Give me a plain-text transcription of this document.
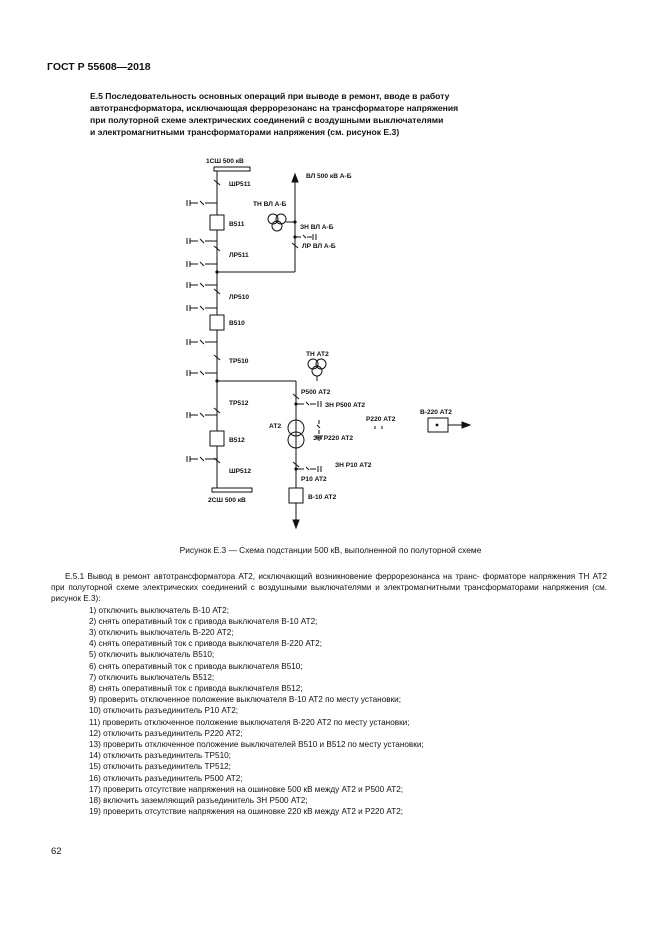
ГОСТ Р 55608—2018
Е.5 Последовательность основных операций при выводе в ремонт, вводе в работу
автотрансформатора, исключающая феррорезонанс на трансформаторе напряжения
при полуторной схеме электрических соединений с воздушными выключателями
и электромагнитными трансформаторами напряжения (см. рисунок Е.3)
1СШ 500 кВ
ШР511
ВЛ 500 кВ А-Б
ТН ВЛ А-Б
В511	ЗН ВЛ А-Б
ЛР ВЛ А-Б
ЛР511
ЛР510
В510
ТР510
ТН АТ2
Р500 АТ2
ЗН Р500 АТ2
ТР512
Р220 АТ2
В-220 АТ2
АТ2
ЗН Р220 АТ2
В512
ЗН Р10 АТ2
ШР512
Р10 АТ2
2СШ 500 кВ	В-10 АТ2
Рисунок Е.3 — Схема подстанции 500 кВ, выполненной по полуторной схеме
Е.5.1 Вывод в ремонт автотрансформатора АТ2, исключающий возникновение феррорезонанса на транс- форматоре напряжения ТН АТ2 при полуторной схеме электрических соединений с воздушными выключателями и электромагнитными трансформаторами напряжения (см. рисунок Е.3):
1) отключить выключатель В-10 АТ2;
2) снять оперативный ток с привода выключателя В-10 АТ2;
3) отключить выключатель В-220 АТ2;
4) снять оперативный ток с привода выключателя В-220 АТ2;
5) отключить выключатель В510;
6) снять оперативный ток с привода выключателя В510;
7) отключить выключатель В512;
8) снять оперативный ток с привода выключателя В512;
9) проверить отключенное положение выключателя В-10 АТ2 по месту установки;
10) отключить разъединитель Р10 АТ2;
11) проверить отключенное положение выключателя В-220 АТ2 по месту установки;
12) отключить разъединитель Р220 АТ2;
13) проверить отключенное положение выключателей В510 и В512 по месту установки;
14) отключить разъединитель ТР510;
15) отключить разъединитель ТР512;
16) отключить разъединитель Р500 АТ2;
17) проверить отсутствие напряжения на ошиновке 500 кВ между АТ2 и Р500 АТ2;
18) включить заземляющий разъединитель ЗН Р500 АТ2;
19) проверить отсутствие напряжения на ошиновке 220 кВ между АТ2 и Р220 АТ2;
62
